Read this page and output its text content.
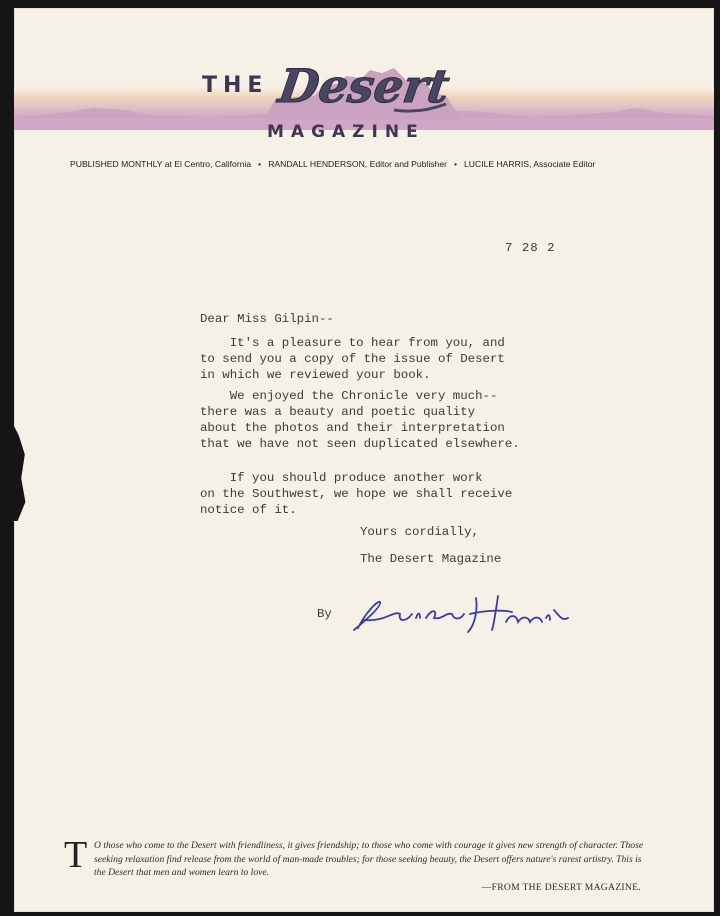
Desert
THE
MAGAZINE
PUBLISHED MONTHLY at El Centro, California • RANDALL HENDERSON, Editor and Publisher • LUCILE HARRIS, Associate Editor
7 28 2
Dear Miss Gilpin--
It's a pleasure to hear from you, and
to send you a copy of the issue of Desert
in which we reviewed your book.
We enjoyed the Chronicle very much--
there was a beauty and poetic quality
about the photos and their interpretation
that we have not seen duplicated elsewhere.
If you should produce another work
on the Southwest, we hope we shall receive
notice of it.
Yours cordially,
The Desert Magazine
By
T O those who come to the Desert with friendliness, it gives friendship; to those who come with courage it gives new strength of character. Those seeking relaxation find release from the world of man-made troubles; for those seeking beauty, the Desert offers nature's rarest artistry. This is the Desert that men and women learn to love.
—FROM THE DESERT MAGAZINE.
